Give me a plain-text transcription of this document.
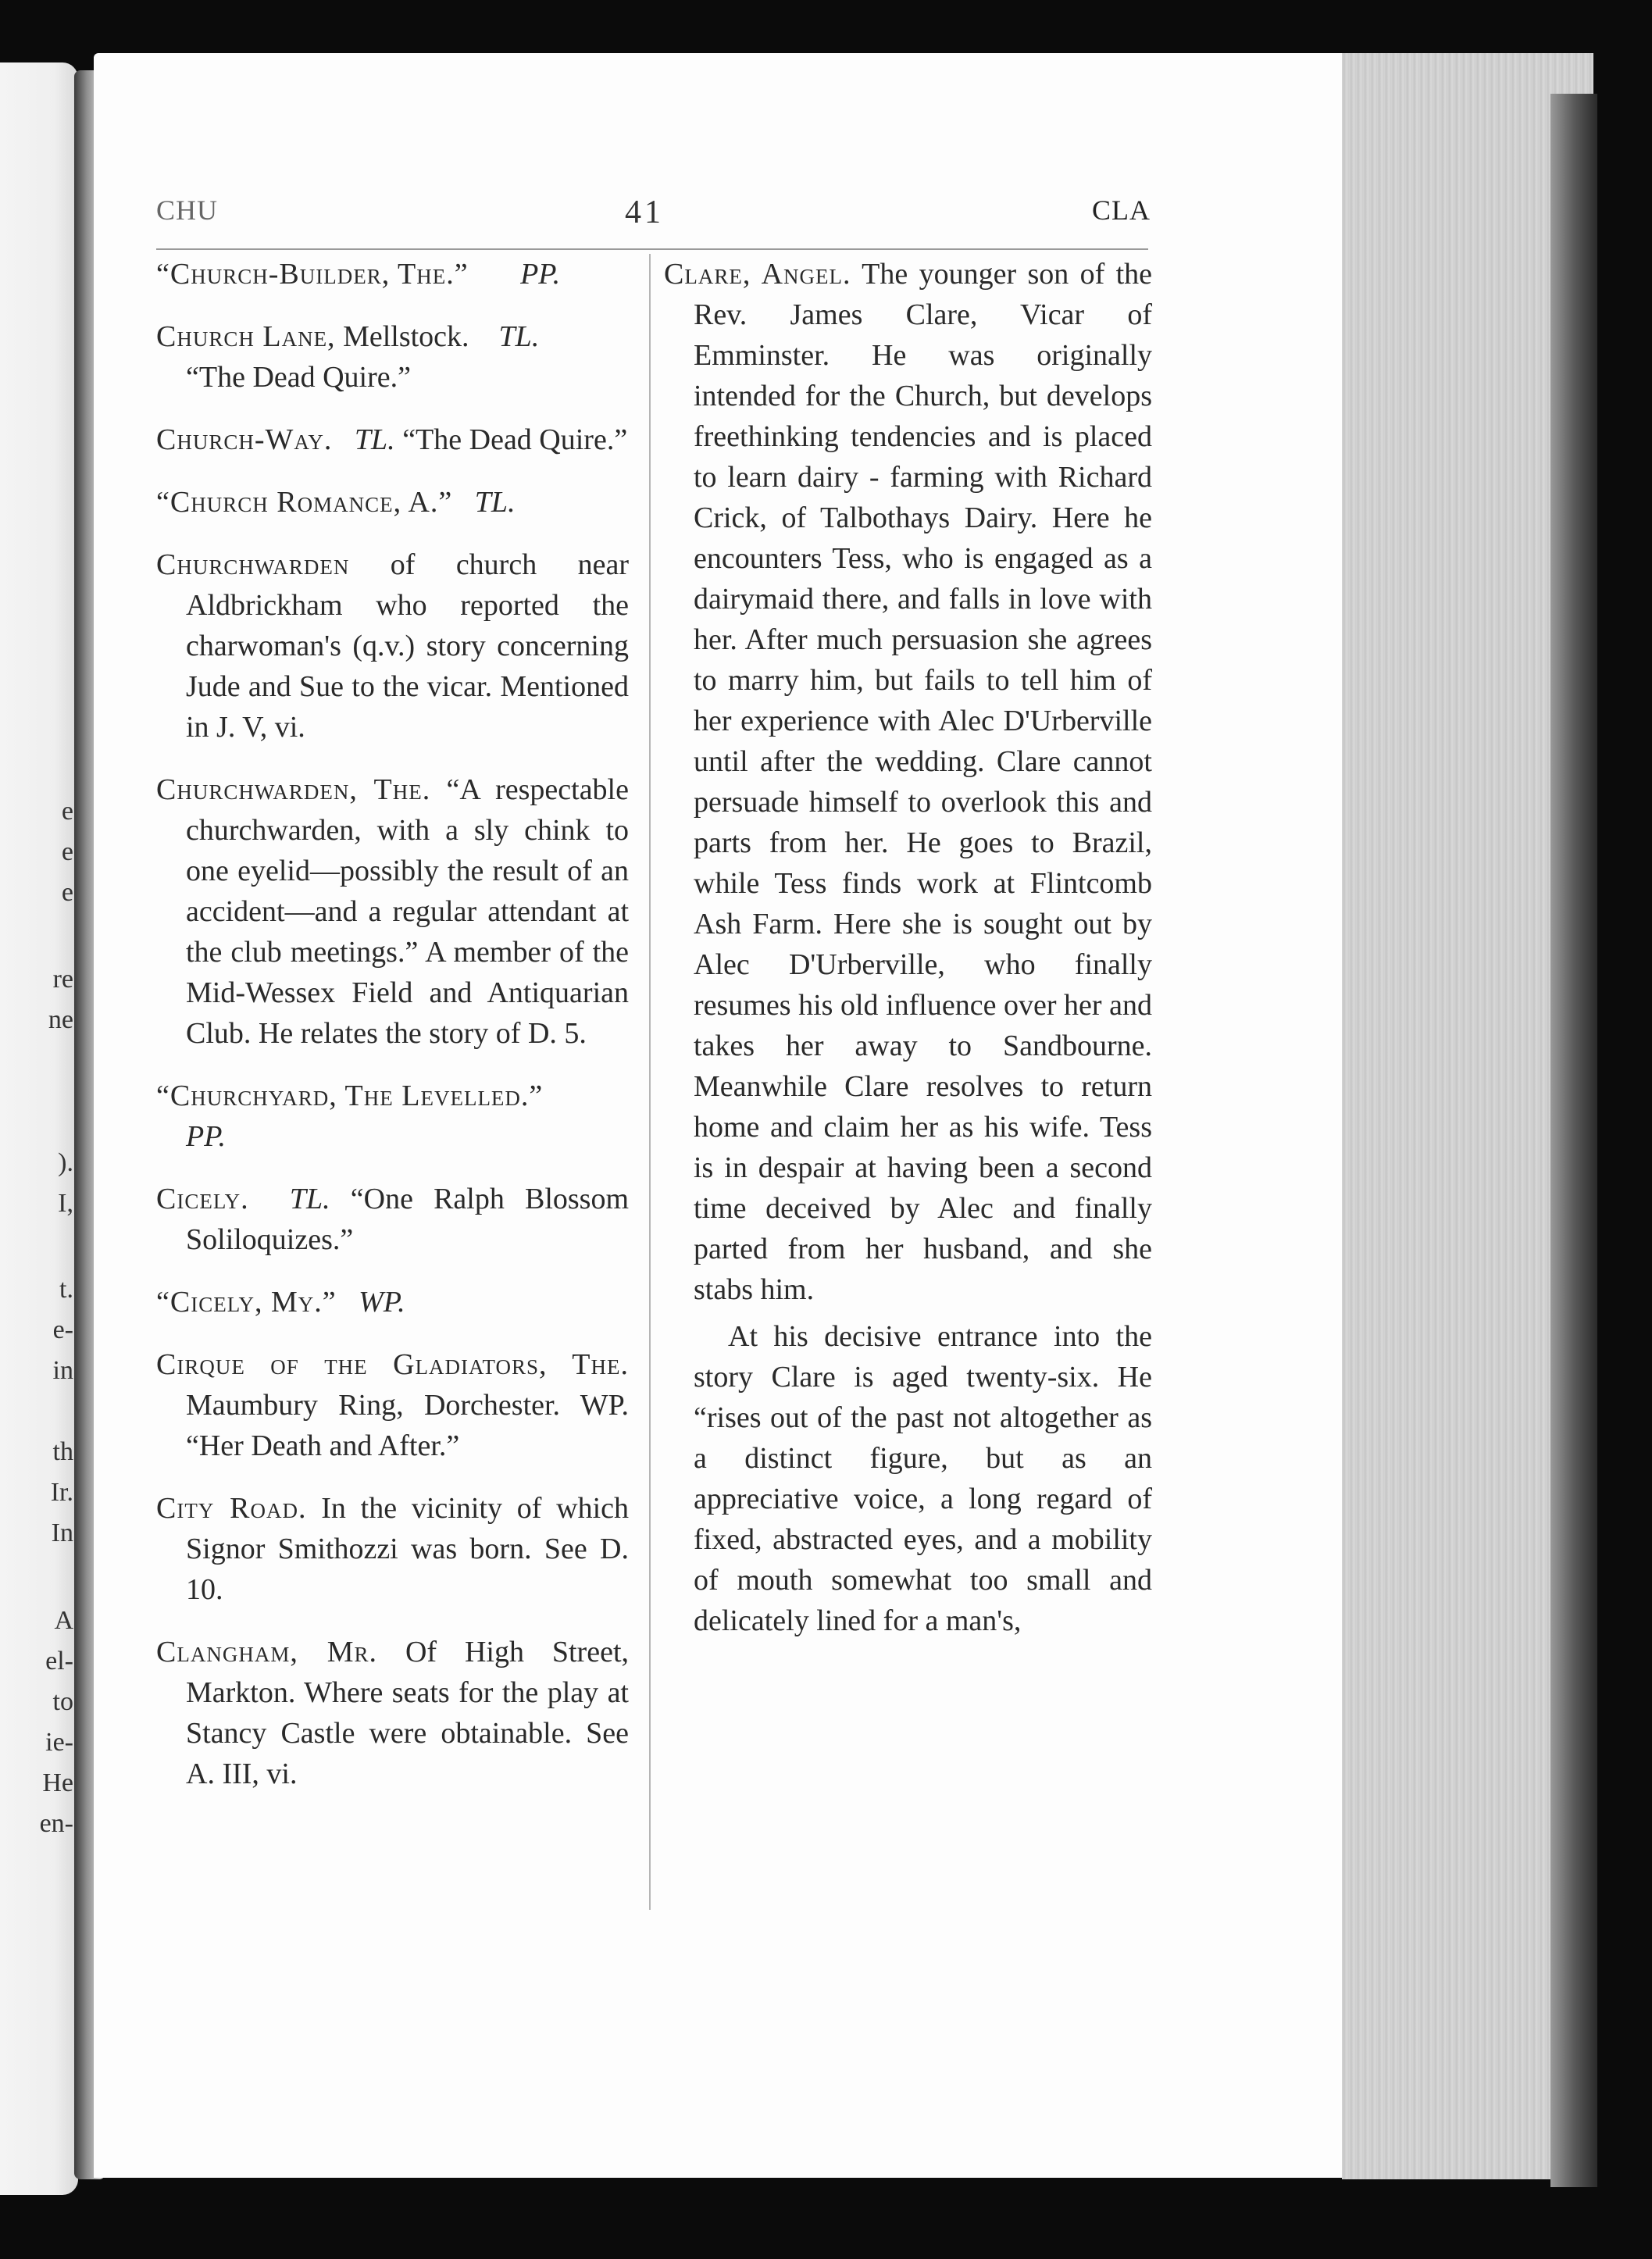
e
e
e
re
ne
).
I,
t.
e-
in
th
Ir.
In
A
el-
to
ie-
He
en-
CHU	41	CLA

“Church-Builder, The.” PP.

Church Lane, Mellstock. TL.
“The Dead Quire.”

Church-Way. TL. “The Dead Quire.”

“Church Romance, A.” TL.

Churchwarden of church near Aldbrickham who reported the charwoman's (q.v.) story concerning Jude and Sue to the vicar. Mentioned in J. V, vi.

Churchwarden, The. “A respectable churchwarden, with a sly chink to one eyelid—possibly the result of an accident—and a regular attendant at the club meetings.” A member of the Mid-Wessex Field and Antiquarian Club. He relates the story of D. 5.

“Churchyard, The Levelled.”
PP.

Cicely. TL. “One Ralph Blossom Soliloquizes.”

“Cicely, My.” WP.

Cirque of the Gladiators, The. Maumbury Ring, Dorchester. WP. “Her Death and After.”

City Road. In the vicinity of which Signor Smithozzi was born. See D. 10.

Clangham, Mr. Of High Street, Markton. Where seats for the play at Stancy Castle were obtainable. See A. III, vi.

Clare, Angel. The younger son of the Rev. James Clare, Vicar of Emminster. He was originally intended for the Church, but develops freethinking tendencies and is placed to learn dairy - farming with Richard Crick, of Talbothays Dairy. Here he encounters Tess, who is engaged as a dairymaid there, and falls in love with her. After much persuasion she agrees to marry him, but fails to tell him of her experience with Alec D'Urberville until after the wedding. Clare cannot persuade himself to overlook this and parts from her. He goes to Brazil, while Tess finds work at Flintcomb Ash Farm. Here she is sought out by Alec D'Urberville, who finally resumes his old influence over her and takes her away to Sandbourne. Meanwhile Clare resolves to return home and claim her as his wife. Tess is in despair at having been a second time deceived by Alec and finally parted from her husband, and she stabs him.

At his decisive entrance into the story Clare is aged twenty-six. He “rises out of the past not altogether as a distinct figure, but as an appreciative voice, a long regard of fixed, abstracted eyes, and a mobility of mouth somewhat too small and delicately lined for a man's,
